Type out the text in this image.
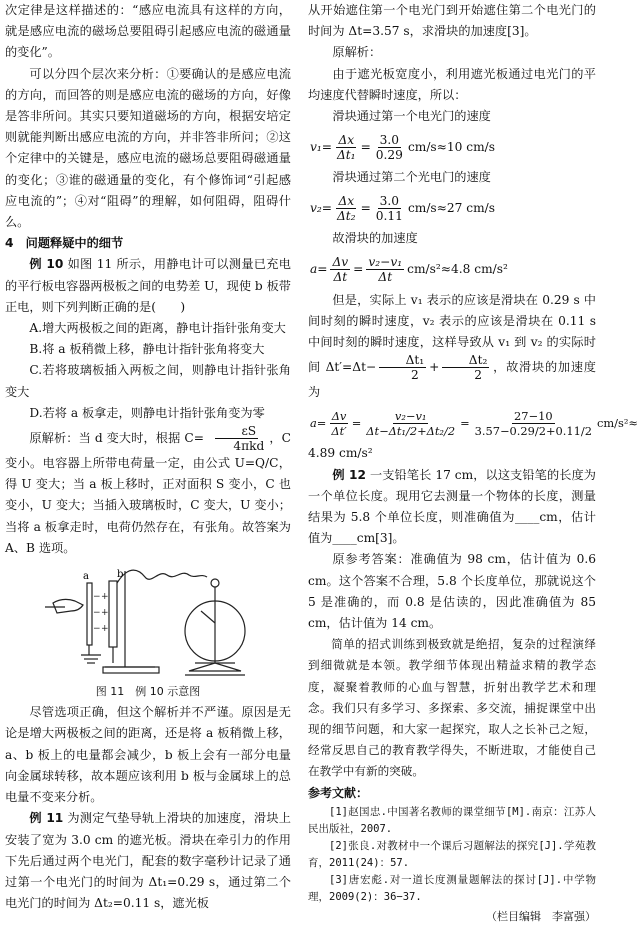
次定律是这样描述的：“感应电流具有这样的方向，就是感应电流的磁场总要阻碍引起感应电流的磁通量的变化”。

可以分四个层次来分析：①要确认的是感应电流的方向，而回答的则是感应电流的磁场的方向，好像是答非所问。其实只要知道磁场的方向，根据安培定则就能判断出感应电流的方向，并非答非所问；②这个定律中的关键是，感应电流的磁场总要阻碍磁通量的变化；③谁的磁通量的变化，有个修饰词“引起感应电流的”；④对“阻碍”的理解，如何阻碍，阻碍什么。

4　问题释疑中的细节

例 10 如图 11 所示，用静电计可以测量已充电的平行板电容器两极板之间的电势差 U，现使 b 板带正电，则下列判断正确的是(　　)

A.增大两极板之间的距离，静电计指针张角变大

B.将 a 板稍微上移，静电计指针张角将变大

C.若将玻璃板插入两板之间，则静电计指针张角变大

D.若将 a 板拿走，则静电计指针张角变为零

原解析：当 d 变大时，根据 $C= \frac{\varepsilon S}{\text{4πkd}}$ ，C 变小。电容器上所带电荷量一定，由公式 U=Q/C，得 U 变大；当 a 板上移时，正对面积 S 变小，C 也变小，U 变大；当插入玻璃板时，C 变大，U 变小；当将 a 板拿走时，电荷仍然存在，有张角。故答案为 A、B 选项。

+
+
+
−
−
−
a	b

图 11　例 10 示意图

尽管选项正确，但这个解析并不严谨。原因是无论是增大两极板之间的距离，还是将 a 板稍微上移，a、b 板上的电量都会减少，b 板上会有一部分电量向金属球转移，故本题应该利用 b 板与金属球上的总电量不变来分析。

例 11 为测定气垫导轨上滑块的加速度，滑块上安装了宽为 3.0 cm 的遮光板。滑块在牵引力的作用下先后通过两个电光门，配套的数字毫秒计记录了通过第一个电光门的时间为 Δt₁=0.29 s，通过第二个电光门的时间为 Δt₂=0.11 s，遮光板

从开始遮住第一个电光门到开始遮住第二个电光门的时间为 Δt=3.57 s，求滑块的加速度[3]。

原解析：

由于遮光板宽度小，利用遮光板通过电光门的平均速度代替瞬时速度，所以：

滑块通过第一个电光门的速度

$v_1= \frac{\Delta x}{\text{Δt₁}} = \frac{3.0}{0.29} cm/s\approx 10$ cm/s

滑块通过第二个光电门的速度

$v_2= \frac{\Delta x}{\text{Δt₂}} = \frac{3.0}{0.11} cm/s\approx 27$ cm/s

故滑块的加速度

$a= \frac{\Delta v}{\Delta t} = \frac{\text{v₂−v₁}}{\Delta t} cm/s^2\approx 4.8$ cm/s²

但是，实际上 v₁ 表示的应该是滑块在 0.29 s 中间时刻的瞬时速度，v₂ 表示的应该是滑块在 0.11 s 中间时刻的瞬时速度，这样导致从 v₁ 到 v₂ 的实际时间 $\Delta t'=\Delta t- \frac{\text{Δt₁}}{2} + \frac{\text{Δt₂}}{2}$ ，故滑块的加速度为

$a= \frac{\Delta v}{\Delta t'} = \frac{\text{v₂−v₁}}{\text{Δt−Δt₁/2+Δt₂/2}} = \frac{27-10}{3.57-0.29/2+0.11/2} cm/s^2\approx$

4.89 cm/s²

例 12 一支铅笔长 17 cm，以这支铅笔的长度为一个单位长度。现用它去测量一个物体的长度，测量结果为 5.8 个单位长度，则准确值为____cm，估计值为____cm[3]。

原参考答案：准确值为 98 cm，估计值为 0.6 cm。这个答案不合理，5.8 个长度单位，那就说这个 5 是准确的，而 0.8 是估读的，因此准确值为 85 cm，估计值为 14 cm。

简单的招式训练到极致就是绝招，复杂的过程演绎到细微就是本领。教学细节体现出精益求精的教学态度，凝聚着教师的心血与智慧，折射出教学艺术和理念。我们只有多学习、多探索、多交流，捕捉课堂中出现的细节问题，和大家一起探究，取人之长补己之短，经常反思自己的教育教学得失，不断进取，才能使自己在教学中有新的突破。

参考文献：

[1]赵国忠.中国著名教师的课堂细节[M].南京：江苏人民出版社，2007.

[2]张良.对教材中一个课后习题解法的探究[J].学苑教育，2011(24)：57.

[3]唐宏彪.对一道长度测量题解法的探讨[J].中学物理，2009(2)：36−37.

（栏目编辑　李富强）
